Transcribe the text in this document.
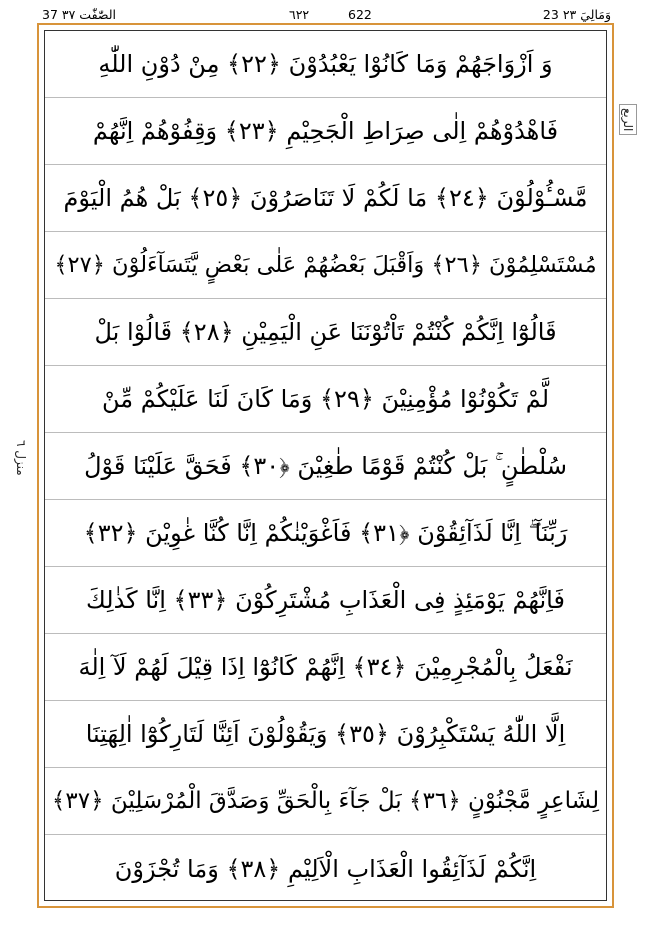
37 الصّٰفّٰت ٣٧	٦٢٢	622	23 وَمَالِيَ ٢٣
الربع
منزل ٦
وَ اَزْوَاجَهُمْ وَمَا كَانُوْا يَعْبُدُوْنَ ﴿٢٢﴾ مِنْ دُوْنِ اللّٰهِ
فَاهْدُوْهُمْ اِلٰى صِرَاطِ الْجَحِيْمِ ﴿٢٣﴾ وَقِفُوْهُمْ اِنَّهُمْ
مَّسْـُٔوْلُوْنَ ﴿٢٤﴾ مَا لَكُمْ لَا تَنَاصَرُوْنَ ﴿٢٥﴾ بَلْ هُمُ الْيَوْمَ
مُسْتَسْلِمُوْنَ ﴿٢٦﴾ وَاَقْبَلَ بَعْضُهُمْ عَلٰى بَعْضٍ يَّتَسَآءَلُوْنَ ﴿٢٧﴾
قَالُوْٓا اِنَّكُمْ كُنْتُمْ تَاْتُوْنَنَا عَنِ الْيَمِيْنِ ﴿٢٨﴾ قَالُوْا بَلْ
لَّمْ تَكُوْنُوْا مُؤْمِنِيْنَ ﴿٢٩﴾ وَمَا كَانَ لَنَا عَلَيْكُمْ مِّنْ
سُلْطٰنٍ ۚ بَلْ كُنْتُمْ قَوْمًا طٰغِيْنَ ﴿٣٠﴾ فَحَقَّ عَلَيْنَا قَوْلُ
رَبِّنَآ ۖ اِنَّا لَذَآئِقُوْنَ ﴿٣١﴾ فَاَغْوَيْنٰكُمْ اِنَّا كُنَّا غٰوِيْنَ ﴿٣٢﴾
فَاِنَّهُمْ يَوْمَئِذٍ فِى الْعَذَابِ مُشْتَرِكُوْنَ ﴿٣٣﴾ اِنَّا كَذٰلِكَ
نَفْعَلُ بِالْمُجْرِمِيْنَ ﴿٣٤﴾ اِنَّهُمْ كَانُوْٓا اِذَا قِيْلَ لَهُمْ لَآ اِلٰهَ
اِلَّا اللّٰهُ يَسْتَكْبِرُوْنَ ﴿٣٥﴾ وَيَقُوْلُوْنَ اَئِنَّا لَتَارِكُوْٓا اٰلِهَتِنَا
لِشَاعِرٍ مَّجْنُوْنٍ ﴿٣٦﴾ بَلْ جَآءَ بِالْحَقِّ وَصَدَّقَ الْمُرْسَلِيْنَ ﴿٣٧﴾
اِنَّكُمْ لَذَآئِقُوا الْعَذَابِ الْاَلِيْمِ ﴿٣٨﴾ وَمَا تُجْزَوْنَ
